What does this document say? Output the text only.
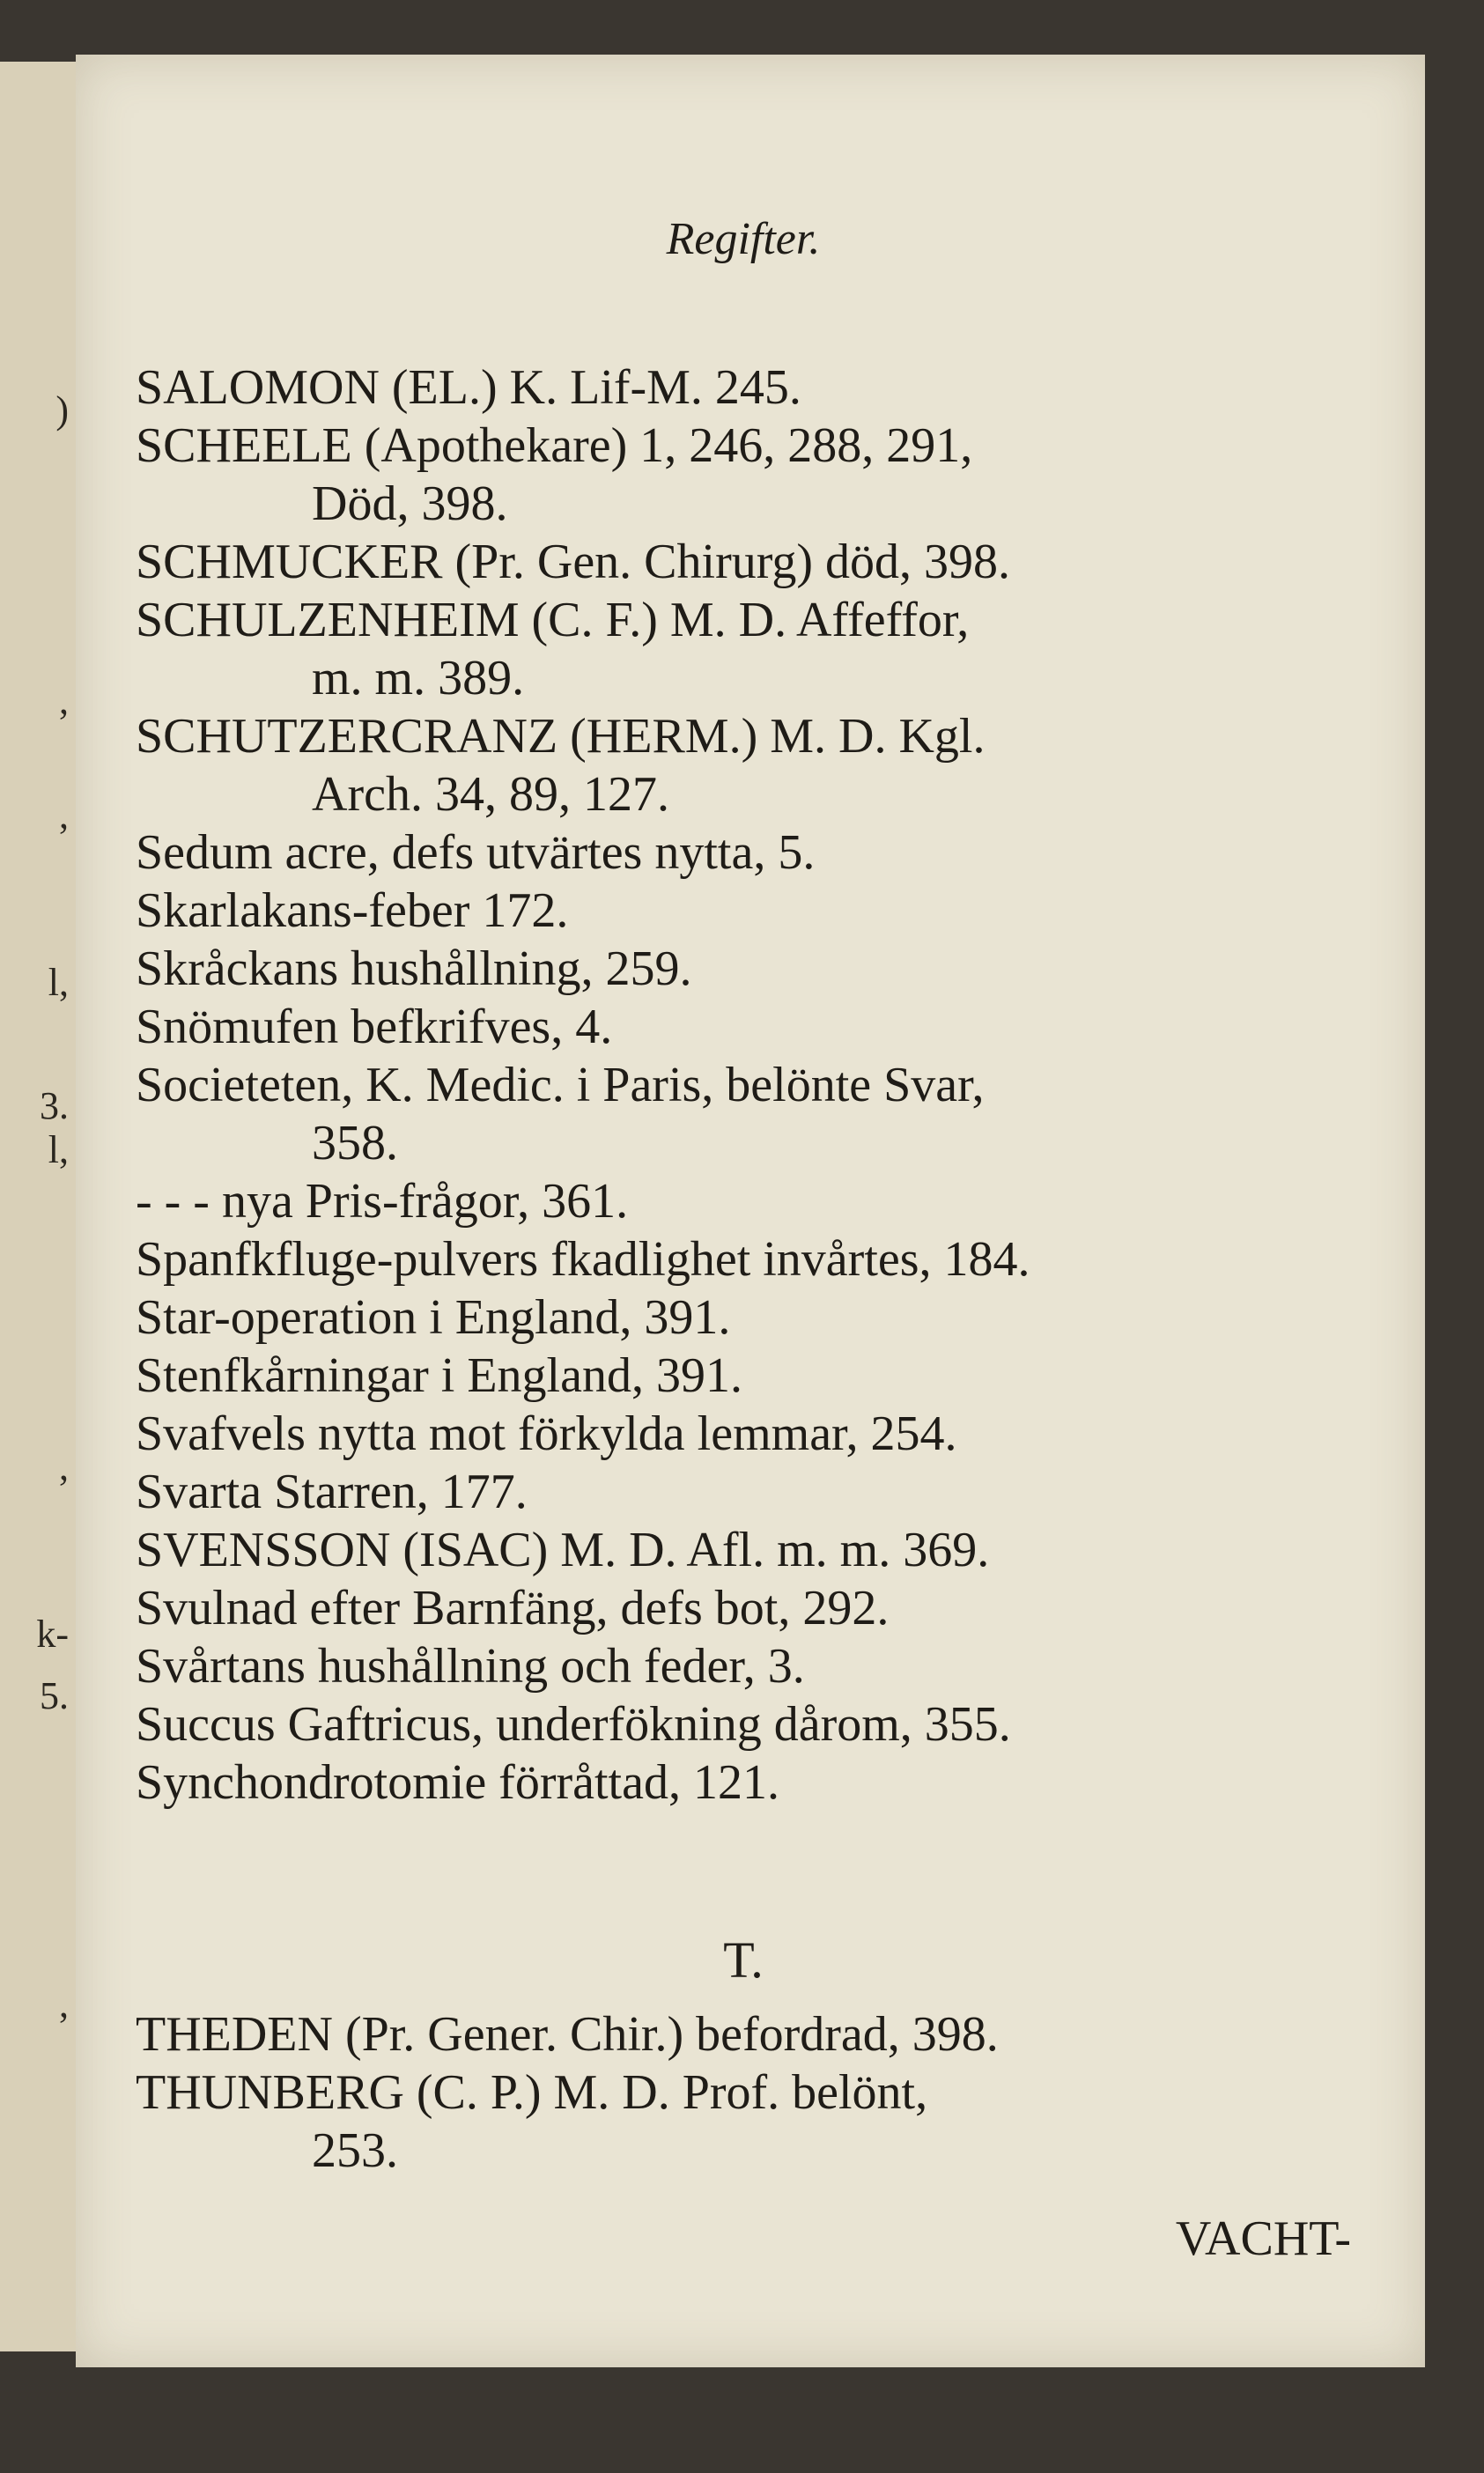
)
,
,
l,
3.
l,
,
k-
5.
,
Regifter.
SALOMON (EL.) K. Lif-M. 245.
SCHEELE (Apothekare) 1, 246, 288, 291,
Död, 398.
SCHMUCKER (Pr. Gen. Chirurg) död, 398.
SCHULZENHEIM (C. F.) M. D. Affeffor,
m. m. 389.
SCHUTZERCRANZ (HERM.) M. D. Kgl.
Arch. 34, 89, 127.
Sedum acre, defs utvärtes nytta, 5.
Skarlakans-feber 172.
Skråckans hushållning, 259.
Snömufen befkrifves, 4.
Societeten, K. Medic. i Paris, belönte Svar,
358.
- - - nya Pris-frågor, 361.
Spanfkfluge-pulvers fkadlighet invårtes, 184.
Star-operation i England, 391.
Stenfkårningar i England, 391.
Svafvels nytta mot förkylda lemmar, 254.
Svarta Starren, 177.
SVENSSON (ISAC) M. D. Afl. m. m. 369.
Svulnad efter Barnfäng, defs bot, 292.
Svårtans hushållning och feder, 3.
Succus Gaftricus, underfökning dårom, 355.
Synchondrotomie förråttad, 121.
T.
THEDEN (Pr. Gener. Chir.) befordrad, 398.
THUNBERG (C. P.) M. D. Prof. belönt,
253.
VACHT-
